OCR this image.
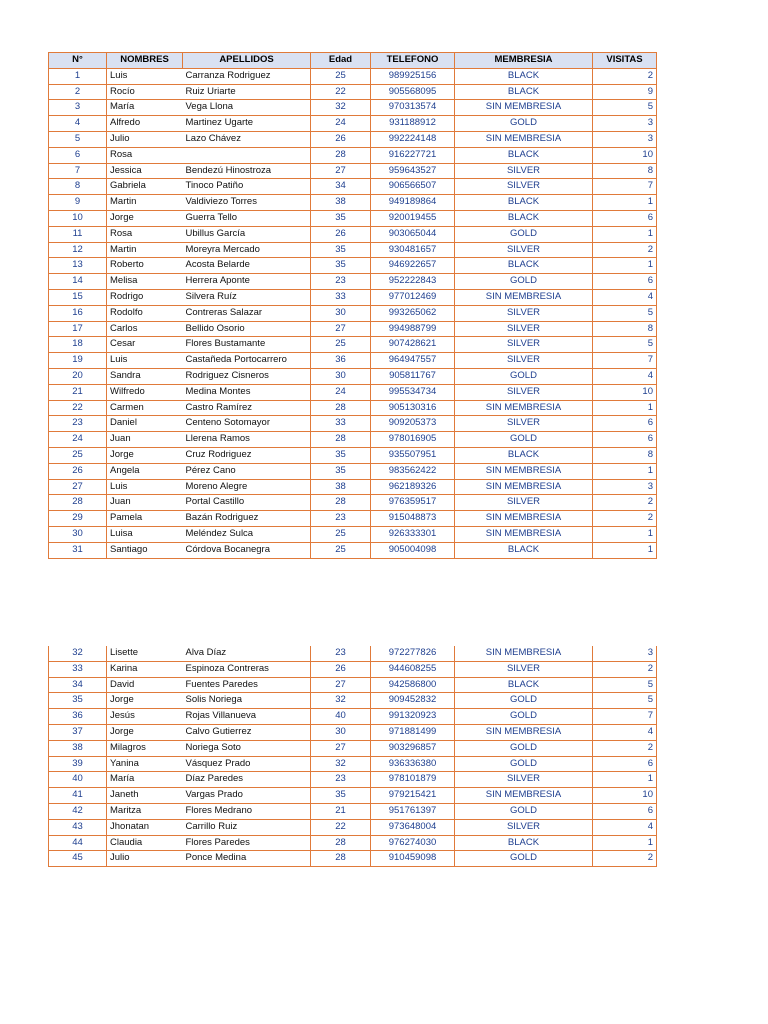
N°	NOMBRES	APELLIDOS	Edad	TELEFONO	MEMBRESIA	VISITAS
1	Luis	Carranza Rodriguez	25	989925156	BLACK	2
2	Rocío	Ruiz Uriarte	22	905568095	BLACK	9
3	María	Vega Llona	32	970313574	SIN MEMBRESIA	5
4	Alfredo	Martinez Ugarte	24	931188912	GOLD	3
5	Julio	Lazo Chávez	26	992224148	SIN MEMBRESIA	3
6	Rosa		28	916227721	BLACK	10
7	Jessica	Bendezú Hinostroza	27	959643527	SILVER	8
8	Gabriela	Tinoco Patiño	34	906566507	SILVER	7
9	Martin	Valdiviezo Torres	38	949189864	BLACK	1
10	Jorge	Guerra Tello	35	920019455	BLACK	6
11	Rosa	Ubillus García	26	903065044	GOLD	1
12	Martin	Moreyra Mercado	35	930481657	SILVER	2
13	Roberto	Acosta Belarde	35	946922657	BLACK	1
14	Melisa	Herrera Aponte	23	952222843	GOLD	6
15	Rodrigo	Silvera Ruíz	33	977012469	SIN MEMBRESIA	4
16	Rodolfo	Contreras Salazar	30	993265062	SILVER	5
17	Carlos	Bellido Osorio	27	994988799	SILVER	8
18	Cesar	Flores Bustamante	25	907428621	SILVER	5
19	Luis	Castañeda Portocarrero	36	964947557	SILVER	7
20	Sandra	Rodriguez Cisneros	30	905811767	GOLD	4
21	Wilfredo	Medina Montes	24	995534734	SILVER	10
22	Carmen	Castro Ramírez	28	905130316	SIN MEMBRESIA	1
23	Daniel	Centeno Sotomayor	33	909205373	SILVER	6
24	Juan	Llerena Ramos	28	978016905	GOLD	6
25	Jorge	Cruz Rodriguez	35	935507951	BLACK	8
26	Angela	Pérez Cano	35	983562422	SIN MEMBRESIA	1
27	Luis	Moreno Alegre	38	962189326	SIN MEMBRESIA	3
28	Juan	Portal Castillo	28	976359517	SILVER	2
29	Pamela	Bazán Rodriguez	23	915048873	SIN MEMBRESIA	2
30	Luisa	Meléndez Sulca	25	926333301	SIN MEMBRESIA	1
31	Santiago	Córdova Bocanegra	25	905004098	BLACK	1
32	Lisette	Alva Díaz	23	972277826	SIN MEMBRESIA	3
33	Karina	Espinoza Contreras	26	944608255	SILVER	2
34	David	Fuentes Paredes	27	942586800	BLACK	5
35	Jorge	Solis Noriega	32	909452832	GOLD	5
36	Jesús	Rojas Villanueva	40	991320923	GOLD	7
37	Jorge	Calvo Gutierrez	30	971881499	SIN MEMBRESIA	4
38	Milagros	Noriega Soto	27	903296857	GOLD	2
39	Yanina	Vásquez Prado	32	936336380	GOLD	6
40	María	Díaz Paredes	23	978101879	SILVER	1
41	Janeth	Vargas Prado	35	979215421	SIN MEMBRESIA	10
42	Maritza	Flores Medrano	21	951761397	GOLD	6
43	Jhonatan	Carrillo Ruiz	22	973648004	SILVER	4
44	Claudia	Flores Paredes	28	976274030	BLACK	1
45	Julio	Ponce Medina	28	910459098	GOLD	2
